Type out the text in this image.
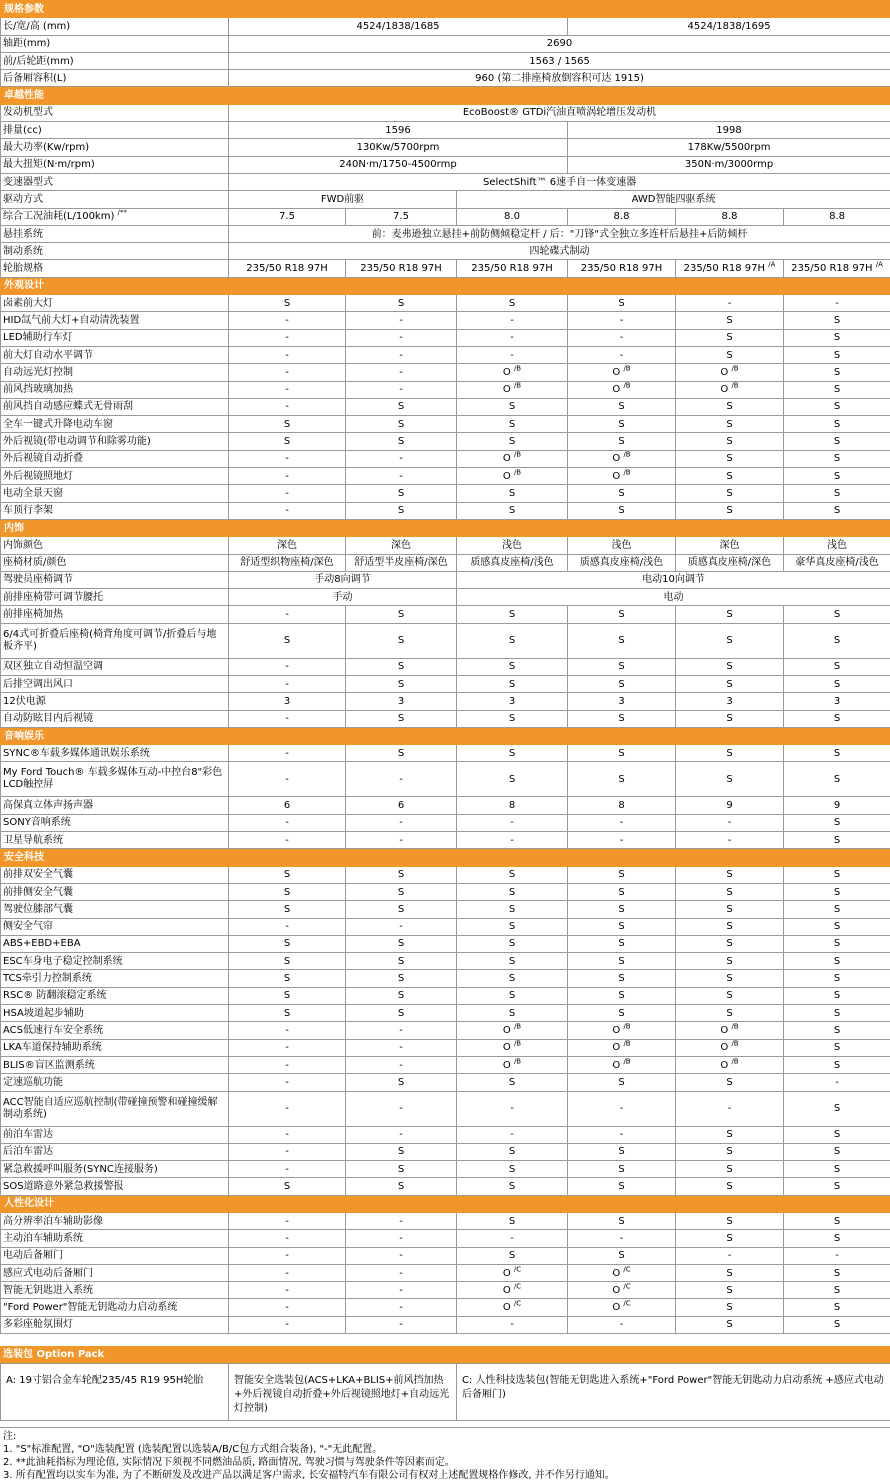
规格参数						
长/宽/高 (mm)	4524/1838/1685			4524/1838/1695		
轴距(mm)	2690					
前/后轮距(mm)	1563 / 1565					
后备厢容积(L)	960 (第二排座椅放倒容积可达 1915)					
卓越性能						
发动机型式	EcoBoost® GTDi汽油直喷涡轮增压发动机					
排量(cc)	1596			1998		
最大功率(Kw/rpm)	130Kw/5700rpm			178Kw/5500rpm		
最大扭矩(N·m/rpm)	240N·m/1750-4500rmp			350N·m/3000rmp		
变速器型式	SelectShift™ 6速手自一体变速器					
驱动方式	FWD前驱		AWD智能四驱系统			
综合工况油耗(L/100km) /**	7.5	7.5	8.0	8.8	8.8	8.8
悬挂系统	前：麦弗逊独立悬挂+前防侧倾稳定杆 / 后："刀锋"式全独立多连杆后悬挂+后防倾杆					
制动系统	四轮碟式制动					
轮胎规格	235/50 R18 97H	235/50 R18 97H	235/50 R18 97H	235/50 R18 97H	235/50 R18 97H $^{/A}$	235/50 R18 97H $^{/A}$
外观设计						
卤素前大灯	S	S	S	S	-	-
HID氙气前大灯+自动清洗装置	-	-	-	-	S	S
LED辅助行车灯	-	-	-	-	S	S
前大灯自动水平调节	-	-	-	-	S	S
自动远光灯控制	-	-	O $^{/B}$	O $^{/B}$	O $^{/B}$	S
前风挡玻璃加热	-	-	O $^{/B}$	O $^{/B}$	O $^{/B}$	S
前风挡自动感应蝶式无骨雨刮	-	S	S	S	S	S
全车一键式升降电动车窗	S	S	S	S	S	S
外后视镜(带电动调节和除雾功能)	S	S	S	S	S	S
外后视镜自动折叠	-	-	O $^{/B}$	O $^{/B}$	S	S
外后视镜照地灯	-	-	O $^{/B}$	O $^{/B}$	S	S
电动全景天窗	-	S	S	S	S	S
车顶行李架	-	S	S	S	S	S
内饰						
内饰颜色	深色	深色	浅色	浅色	深色	浅色
座椅材质/颜色	舒适型织物座椅/深色	舒适型半皮座椅/深色	质感真皮座椅/浅色	质感真皮座椅/浅色	质感真皮座椅/深色	豪华真皮座椅/浅色
驾驶员座椅调节	手动8向调节		电动10向调节			
前排座椅带可调节腰托	手动		电动			
前排座椅加热	-	S	S	S	S	S
6/4式可折叠后座椅(椅背角度可调节/折叠后与地板齐平)	S	S	S	S	S	S
双区独立自动恒温空调	-	S	S	S	S	S
后排空调出风口	-	S	S	S	S	S
12伏电源	3	3	3	3	3	3
自动防眩目内后视镜	-	S	S	S	S	S
音响娱乐						
SYNC®车载多媒体通讯娱乐系统	-	S	S	S	S	S
My Ford Touch® 车载多媒体互动-中控台8"彩色LCD触控屏	-	-	S	S	S	S
高保真立体声扬声器	6	6	8	8	9	9
SONY音响系统	-	-	-	-	-	S
卫星导航系统	-	-	-	-	-	S
安全科技						
前排双安全气囊	S	S	S	S	S	S
前排侧安全气囊	S	S	S	S	S	S
驾驶位膝部气囊	S	S	S	S	S	S
侧安全气帘	-	-	S	S	S	S
ABS+EBD+EBA	S	S	S	S	S	S
ESC车身电子稳定控制系统	S	S	S	S	S	S
TCS牵引力控制系统	S	S	S	S	S	S
RSC® 防翻滚稳定系统	S	S	S	S	S	S
HSA坡道起步辅助	S	S	S	S	S	S
ACS低速行车安全系统	-	-	O $^{/B}$	O $^{/B}$	O $^{/B}$	S
LKA车道保持辅助系统	-	-	O $^{/B}$	O $^{/B}$	O $^{/B}$	S
BLIS®盲区监测系统	-	-	O $^{/B}$	O $^{/B}$	O $^{/B}$	S
定速巡航功能	-	S	S	S	S	-
ACC智能自适应巡航控制(带碰撞预警和碰撞缓解制动系统)	-	-	-	-	-	S
前泊车雷达	-	-	-	-	S	S
后泊车雷达	-	S	S	S	S	S
紧急救援呼叫服务(SYNC连接服务)	-	S	S	S	S	S
SOS道路意外紧急救援警报	S	S	S	S	S	S
人性化设计						
高分辨率泊车辅助影像	-	-	S	S	S	S
主动泊车辅助系统	-	-	-	-	S	S
电动后备厢门	-	-	S	S	-	-
感应式电动后备厢门	-	-	O $^{/C}$	O $^{/C}$	S	S
智能无钥匙进入系统	-	-	O $^{/C}$	O $^{/C}$	S	S
"Ford Power"智能无钥匙动力启动系统	-	-	O $^{/C}$	O $^{/C}$	S	S
多彩座舱氛围灯	-	-	-	-	S	S
选装包 Option Pack
A: 19寸铝合金车轮配235/45 R19 95H轮胎	智能安全选装包(ACS+LKA+BLIS+前风挡加热+外后视镜自动折叠+外后视镜照地灯+自动远光灯控制)	C: 人性科技选装包(智能无钥匙进入系统+"Ford Power"智能无钥匙动力启动系统 +感应式电动后备厢门)
注:
1. "S"标准配置, "O"选装配置 (选装配置以选装A/B/C包方式组合装备), "-"无此配置。
2. **此油耗指标为理论值, 实际情况下须视不同燃油品质, 路面情况, 驾驶习惯与驾驶条件等因素而定。
3. 所有配置均以实车为准, 为了不断研发及改进产品以满足客户需求, 长安福特汽车有限公司有权对上述配置规格作修改, 并不作另行通知。
